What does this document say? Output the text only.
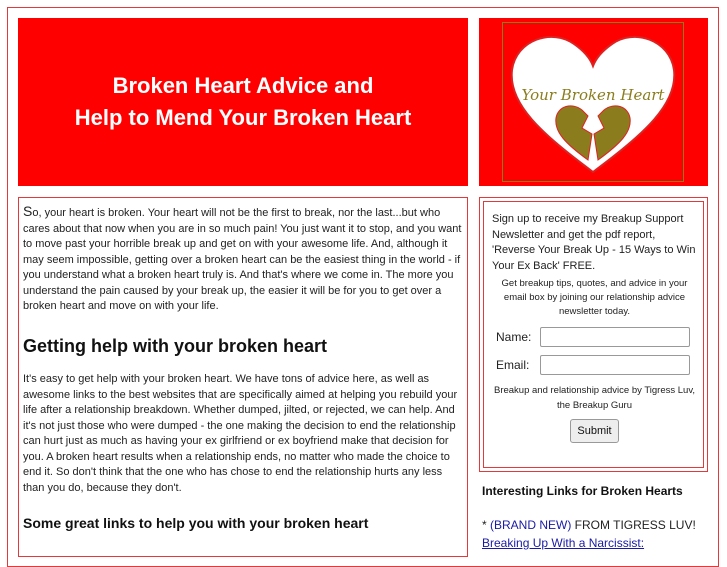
Broken Heart Advice and
Help to Mend Your Broken Heart
Your Broken Heart

So, your heart is broken. Your heart will not be the first to break, nor the last...but who cares about that now when you are in so much pain! You just want it to stop, and you want to move past your horrible break up and get on with your awesome life. And, although it may seem impossible, getting over a broken heart can be the easiest thing in the world - if you understand what a broken heart truly is. And that's where we come in. The more you understand the pain caused by your break up, the easier it will be for you to get over a broken heart and move on with your life.

Getting help with your broken heart

It's easy to get help with your broken heart. We have tons of advice here, as well as awesome links to the best websites that are specifically aimed at helping you rebuild your life after a relationship breakdown. Whether dumped, jilted, or rejected, we can help. And it's not just those who were dumped - the one making the decision to end the relationship can hurt just as much as having your ex girlfriend or ex boyfriend make that decision for you. A broken heart results when a relationship ends, no matter who made the choice to end it. So don't think that the one who has chose to end the relationship hurts any less than you do, because they don't.

Some great links to help you with your broken heart

Sign up to receive my Breakup Support Newsletter and get the pdf report, 'Reverse Your Break Up - 15 Ways to Win Your Ex Back' FREE.

Get breakup tips, quotes, and advice in your email box by joining our relationship advice newsletter today.

Name:
Email:

Breakup and relationship advice by Tigress Luv, the Breakup Guru

Submit
Interesting Links for Broken Hearts
* (BRAND NEW) FROM TIGRESS LUV! Breaking Up With a Narcissist:
